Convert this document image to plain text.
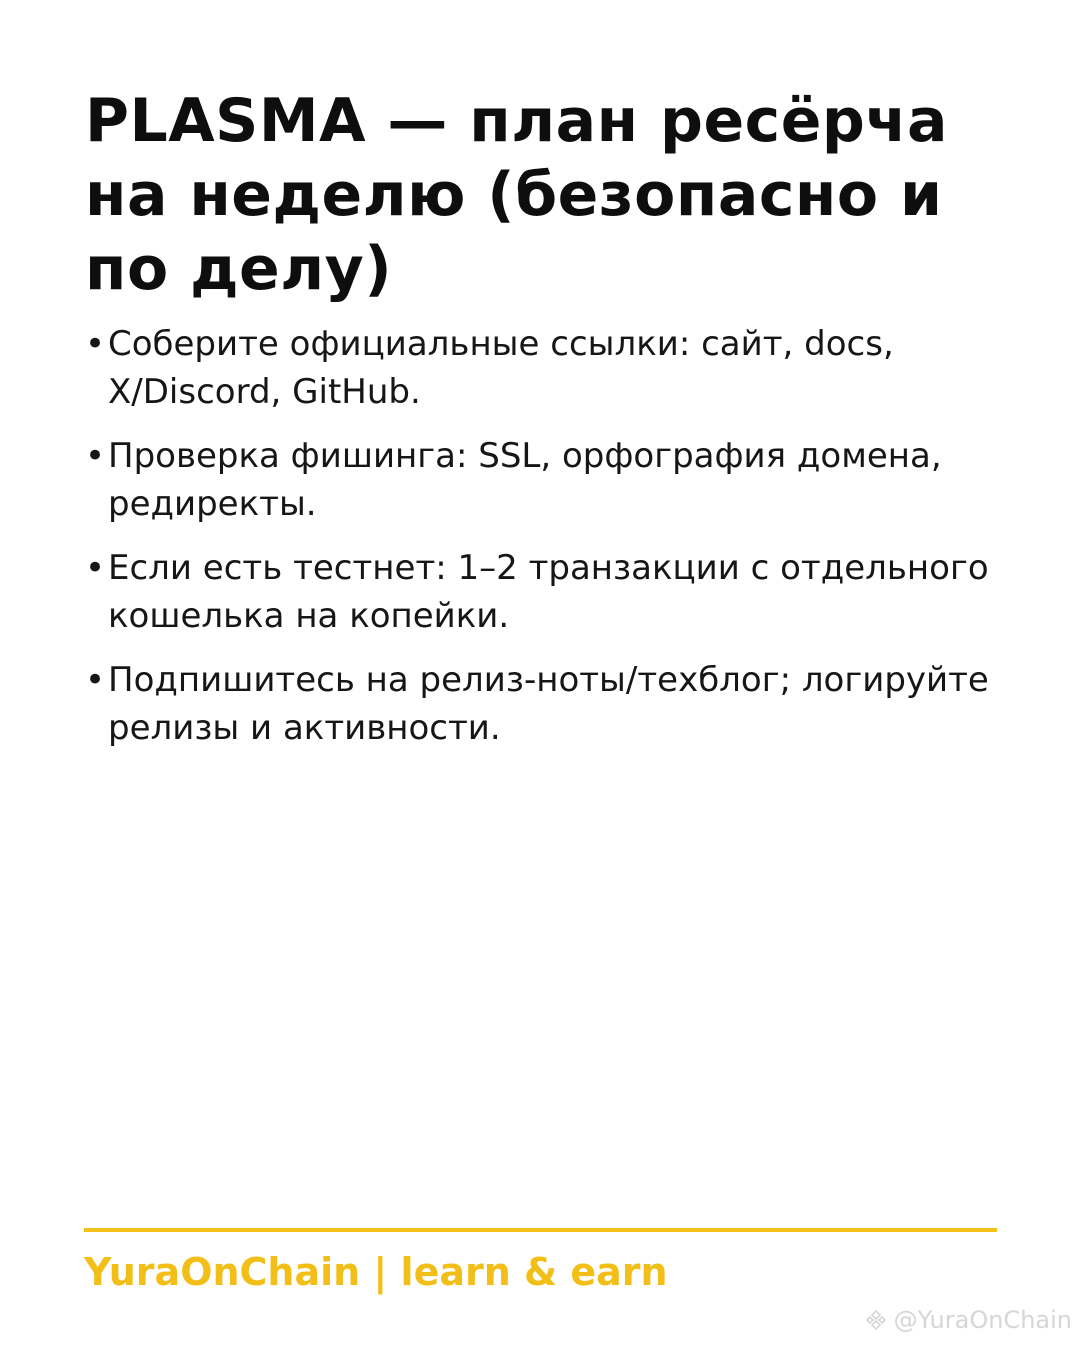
PLASMA — план ресёрча на неделю (безопасно и по делу)
• Соберите официальные ссылки: сайт, docs, X/Discord, GitHub.
• Проверка фишинга: SSL, орфография домена, редиректы.
• Если есть тестнет: 1–2 транзакции с отдельного кошелька на копейки.
• Подпишитесь на релиз-ноты/техблог; логируйте релизы и активности.
YuraOnChain | learn & earn
@YuraOnChain
